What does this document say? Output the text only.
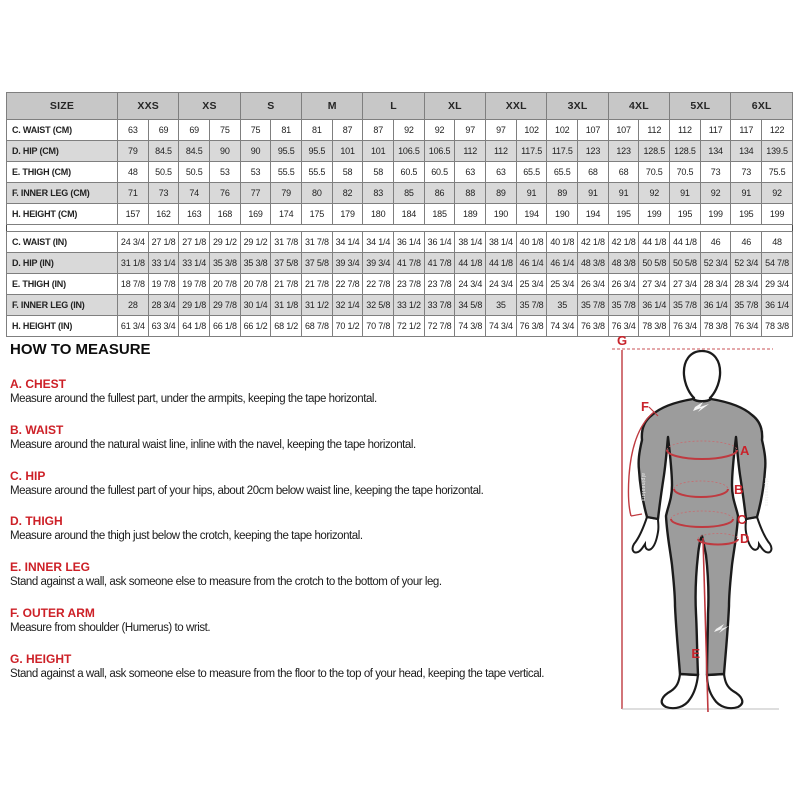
SIZE	XXS		XS		S		M		L		XL		XXL		3XL		4XL		5XL		6XL	
C. WAIST (CM)	63	69	69	75	75	81	81	87	87	92	92	97	97	102	102	107	107	112	112	117	117	122
D. HIP (CM)	79	84.5	84.5	90	90	95.5	95.5	101	101	106.5	106.5	112	112	117.5	117.5	123	123	128.5	128.5	134	134	139.5
E. THIGH (CM)	48	50.5	50.5	53	53	55.5	55.5	58	58	60.5	60.5	63	63	65.5	65.5	68	68	70.5	70.5	73	73	75.5
F. INNER LEG (CM)	71	73	74	76	77	79	80	82	83	85	86	88	89	91	89	91	91	92	91	92	91	92
H. HEIGHT (CM)	157	162	163	168	169	174	175	179	180	184	185	189	190	194	190	194	195	199	195	199	195	199

C. WAIST (IN)	24 3/4	27 1/8	27 1/8	29 1/2	29 1/2	31 7/8	31 7/8	34 1/4	34 1/4	36 1/4	36 1/4	38 1/4	38 1/4	40 1/8	40 1/8	42 1/8	42 1/8	44 1/8	44 1/8	46	46	48
D. HIP (IN)	31 1/8	33 1/4	33 1/4	35 3/8	35 3/8	37 5/8	37 5/8	39 3/4	39 3/4	41 7/8	41 7/8	44 1/8	44 1/8	46 1/4	46 1/4	48 3/8	48 3/8	50 5/8	50 5/8	52 3/4	52 3/4	54 7/8
E. THIGH (IN)	18 7/8	19 7/8	19 7/8	20 7/8	20 7/8	21 7/8	21 7/8	22 7/8	22 7/8	23 7/8	23 7/8	24 3/4	24 3/4	25 3/4	25 3/4	26 3/4	26 3/4	27 3/4	27 3/4	28 3/4	28 3/4	29 3/4
F. INNER LEG (IN)	28	28 3/4	29 1/8	29 7/8	30 1/4	31 1/8	31 1/2	32 1/4	32 5/8	33 1/2	33 7/8	34 5/8	35	35 7/8	35	35 7/8	35 7/8	36 1/4	35 7/8	36 1/4	35 7/8	36 1/4
H. HEIGHT (IN)	61 3/4	63 3/4	64 1/8	66 1/8	66 1/2	68 1/2	68 7/8	70 1/2	70 7/8	72 1/2	72 7/8	74 3/8	74 3/4	76 3/8	74 3/4	76 3/8	76 3/4	78 3/8	76 3/4	78 3/8	76 3/4	78 3/8
HOW TO MEASURE

A. CHEST

Measure around the fullest part, under the armpits, keeping the tape horizontal.

B. WAIST

Measure around the natural waist line, inline with the navel, keeping the tape horizontal.

C. HIP

Measure around the fullest part of your hips, about 20cm below waist line, keeping the tape horizontal.

D. THIGH

Measure around the thigh just below the crotch, keeping the tape horizontal.

E. INNER LEG

Stand against a wall, ask someone else to measure from the crotch to the bottom of your leg.

F. OUTER ARM

Measure from shoulder (Humerus) to wrist.

G. HEIGHT

Stand against a wall, ask someone else to measure from the floor to the top of your head, keeping the tape vertical.

alpinestars	alpinestars
A
B
C
D
E
F
G
